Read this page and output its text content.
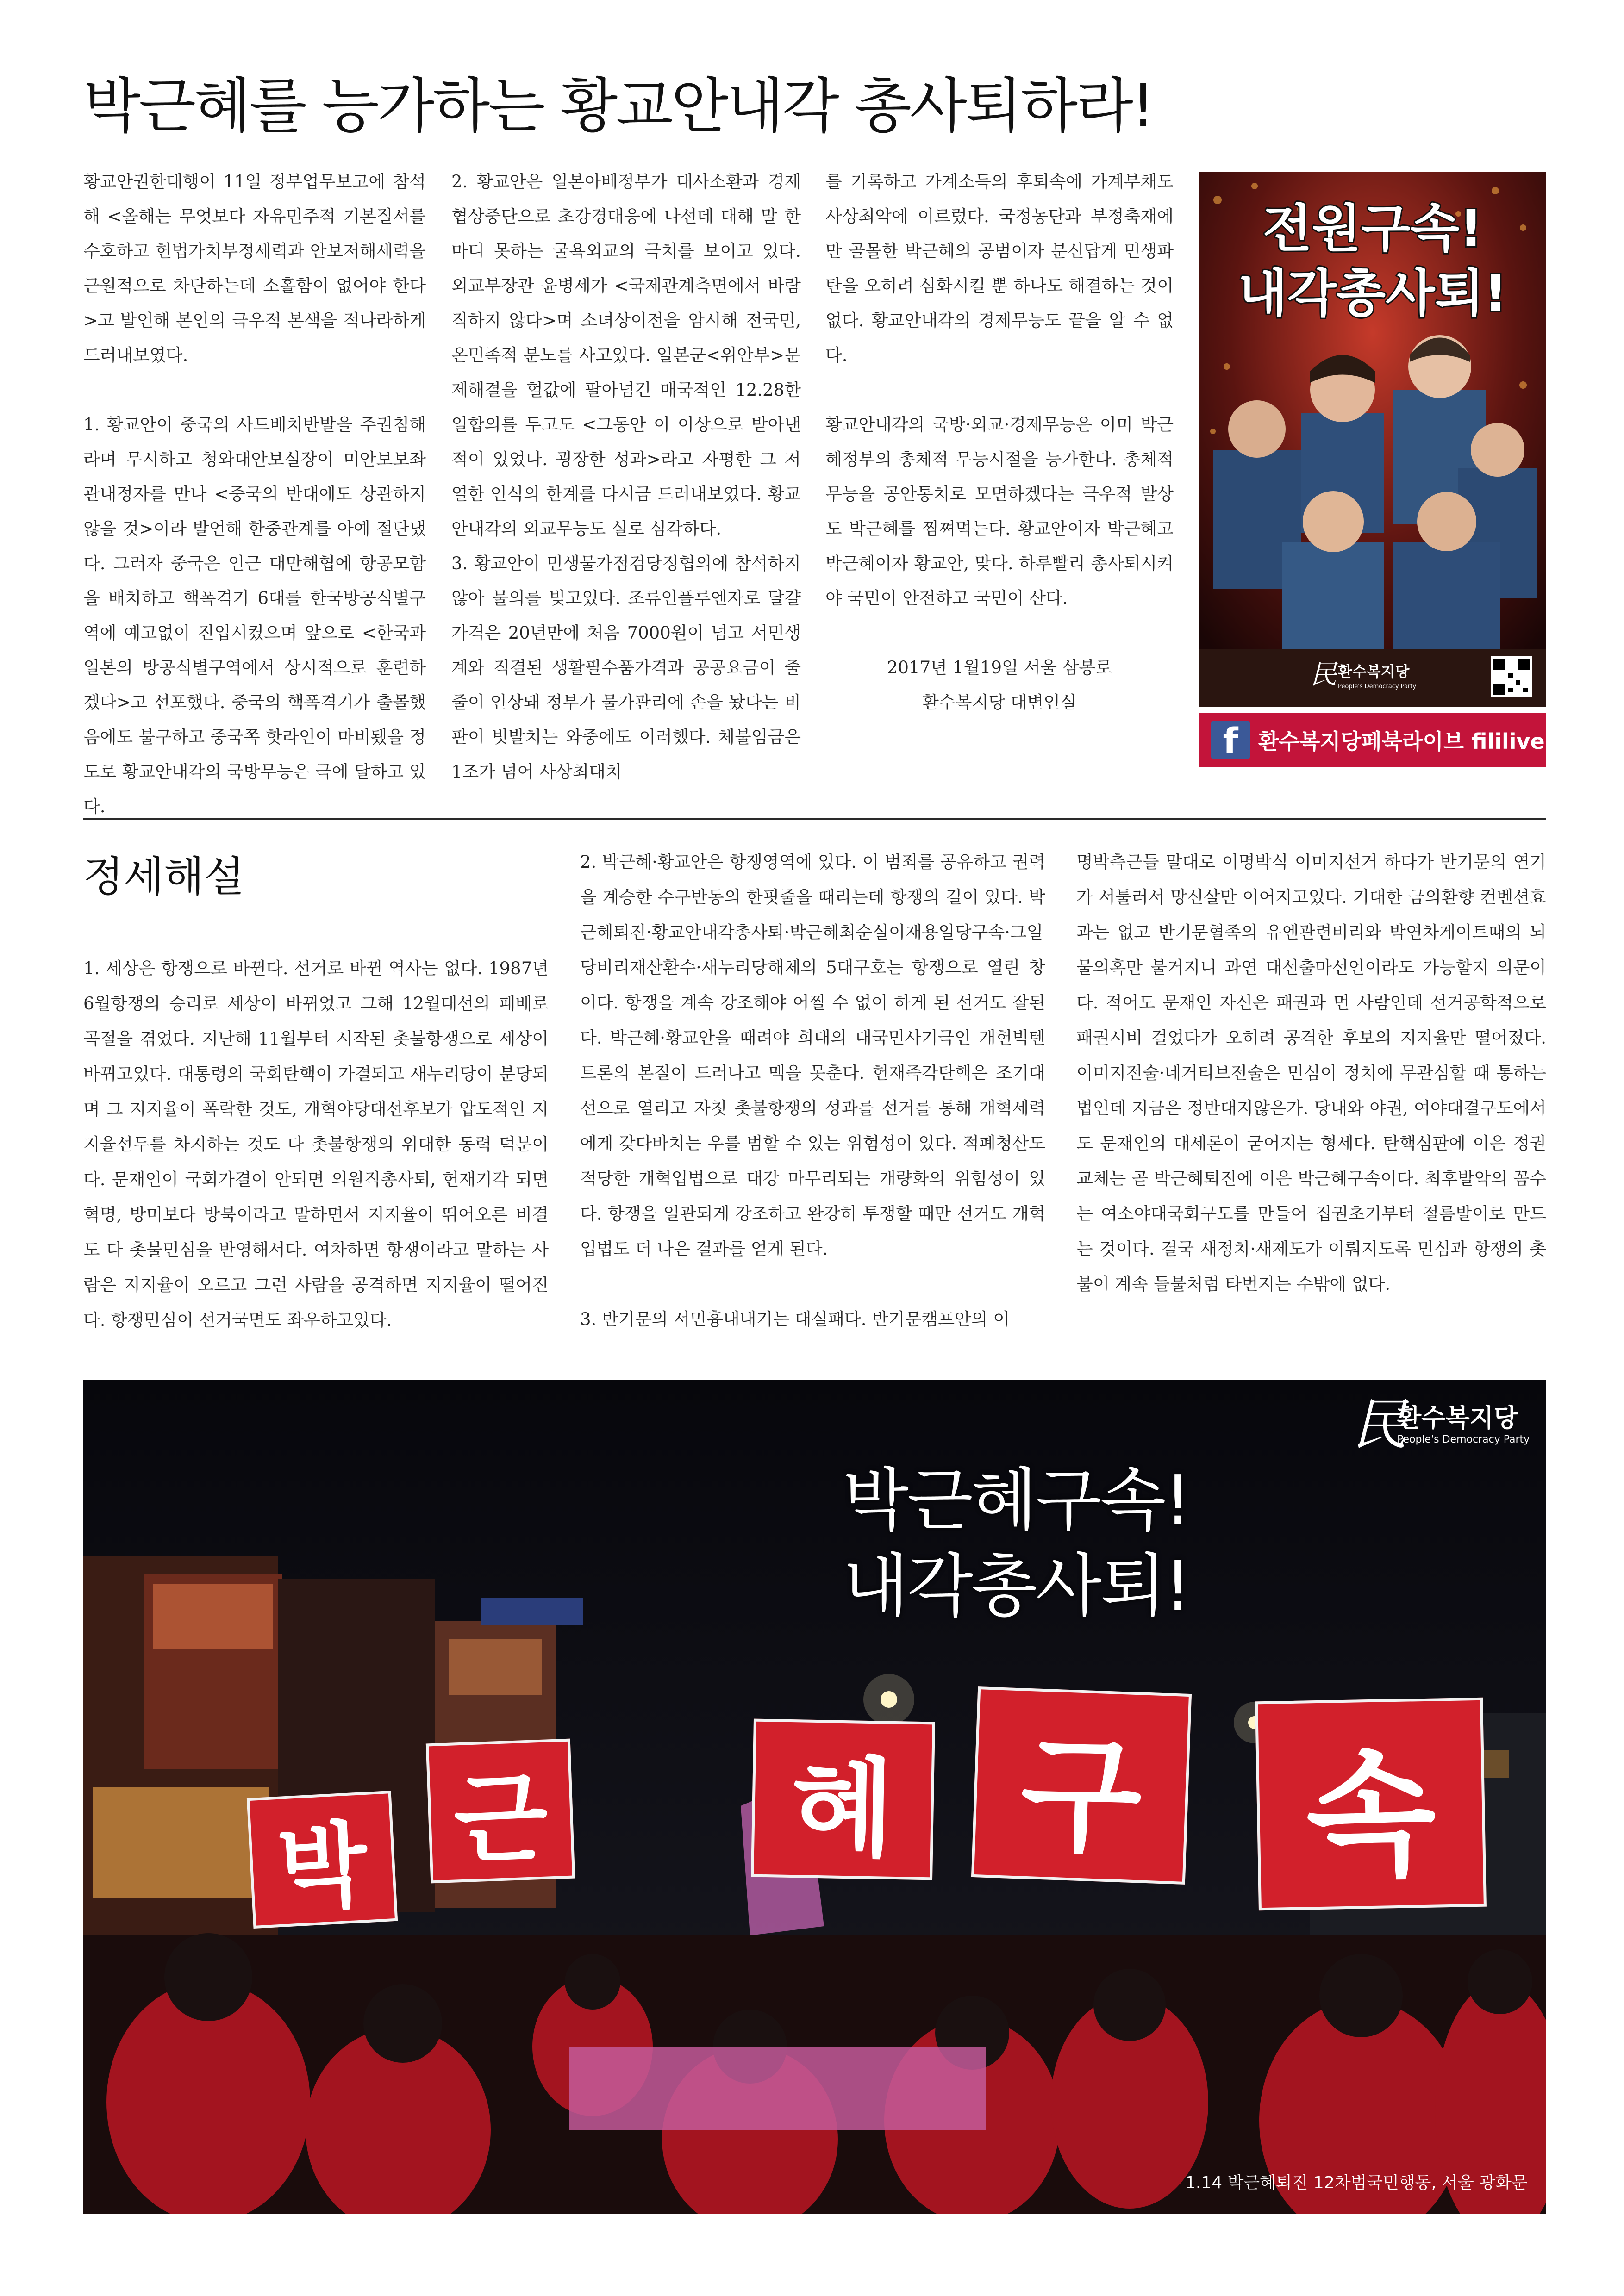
박근혜를 능가하는 황교안내각 총사퇴하라!

황교안권한대행이 11일 정부업무보고에 참석해 <올해는 무엇보다 자유민주적 기본질서를 수호하고 헌법가치부정세력과 안보저해세력을 근원적으로 차단하는데 소홀함이 없어야 한다>고 발언해 본인의 극우적 본색을 적나라하게 드러내보였다.

1. 황교안이 중국의 사드배치반발을 주권침해라며 무시하고 청와대안보실장이 미안보보좌관내정자를 만나 <중국의 반대에도 상관하지 않을 것>이라 발언해 한중관계를 아예 절단냈다. 그러자 중국은 인근 대만해협에 항공모함을 배치하고 핵폭격기 6대를 한국방공식별구역에 예고없이 진입시켰으며 앞으로 <한국과 일본의 방공식별구역에서 상시적으로 훈련하겠다>고 선포했다. 중국의 핵폭격기가 출몰했음에도 불구하고 중국쪽 핫라인이 마비됐을 정도로 황교안내각의 국방무능은 극에 달하고 있다.

2. 황교안은 일본아베정부가 대사소환과 경제협상중단으로 초강경대응에 나선데 대해 말 한마디 못하는 굴욕외교의 극치를 보이고 있다. 외교부장관 윤병세가 <국제관계측면에서 바람직하지 않다>며 소녀상이전을 암시해 전국민, 온민족적 분노를 사고있다. 일본군<위안부>문제해결을 헐값에 팔아넘긴 매국적인 12.28한일합의를 두고도 <그동안 이 이상으로 받아낸 적이 있었나. 굉장한 성과>라고 자평한 그 저열한 인식의 한계를 다시금 드러내보였다. 황교안내각의 외교무능도 실로 심각하다.

3. 황교안이 민생물가점검당정협의에 참석하지않아 물의를 빚고있다. 조류인플루엔자로 달걀가격은 20년만에 처음 7000원이 넘고 서민생계와 직결된 생활필수품가격과 공공요금이 줄줄이 인상돼 정부가 물가관리에 손을 놨다는 비판이 빗발치는 와중에도 이러했다. 체불임금은 1조가 넘어 사상최대치

를 기록하고 가계소득의 후퇴속에 가계부채도 사상최악에 이르렀다. 국정농단과 부정축재에만 골몰한 박근혜의 공범이자 분신답게 민생파탄을 오히려 심화시킬 뿐 하나도 해결하는 것이 없다. 황교안내각의 경제무능도 끝을 알 수 없다.

황교안내각의 국방·외교·경제무능은 이미 박근혜정부의 총체적 무능시절을 능가한다. 총체적 무능을 공안통치로 모면하겠다는 극우적 발상도 박근혜를 찜쪄먹는다. 황교안이자 박근혜고 박근혜이자 황교안, 맞다. 하루빨리 총사퇴시켜야 국민이 안전하고 국민이 산다.

2017년 1월19일 서울 삼봉로

환수복지당 대변인실

전원구속!
내각총사퇴!
民 환수복지당
People's Democracy Party
f 환수복지당페북라이브 fililive
정세해설

1. 세상은 항쟁으로 바뀐다. 선거로 바뀐 역사는 없다. 1987년 6월항쟁의 승리로 세상이 바뀌었고 그해 12월대선의 패배로 곡절을 겪었다. 지난해 11월부터 시작된 촛불항쟁으로 세상이 바뀌고있다. 대통령의 국회탄핵이 가결되고 새누리당이 분당되며 그 지지율이 폭락한 것도, 개혁야당대선후보가 압도적인 지지율선두를 차지하는 것도 다 촛불항쟁의 위대한 동력 덕분이다. 문재인이 국회가결이 안되면 의원직총사퇴, 헌재기각 되면 혁명, 방미보다 방북이라고 말하면서 지지율이 뛰어오른 비결도 다 촛불민심을 반영해서다. 여차하면 항쟁이라고 말하는 사람은 지지율이 오르고 그런 사람을 공격하면 지지율이 떨어진다. 항쟁민심이 선거국면도 좌우하고있다.

2. 박근혜·황교안은 항쟁영역에 있다. 이 범죄를 공유하고 권력을 계승한 수구반동의 한핏줄을 때리는데 항쟁의 길이 있다. 박근혜퇴진·황교안내각총사퇴·박근혜최순실이재용일당구속·그일당비리재산환수·새누리당해체의 5대구호는 항쟁으로 열린 창이다. 항쟁을 계속 강조해야 어찔 수 없이 하게 된 선거도 잘된다. 박근혜·황교안을 때려야 희대의 대국민사기극인 개헌빅텐트론의 본질이 드러나고 맥을 못춘다. 헌재즉각탄핵은 조기대선으로 열리고 자칫 촛불항쟁의 성과를 선거를 통해 개혁세력에게 갖다바치는 우를 범할 수 있는 위험성이 있다. 적폐청산도 적당한 개혁입법으로 대강 마무리되는 개량화의 위험성이 있다. 항쟁을 일관되게 강조하고 완강히 투쟁할 때만 선거도 개혁입법도 더 나은 결과를 얻게 된다.

3. 반기문의 서민흉내내기는 대실패다. 반기문캠프안의 이

명박측근들 말대로 이명박식 이미지선거 하다가 반기문의 연기가 서툴러서 망신살만 이어지고있다. 기대한 금의환향 컨벤션효과는 없고 반기문혈족의 유엔관련비리와 박연차게이트때의 뇌물의혹만 불거지니 과연 대선출마선언이라도 가능할지 의문이다. 적어도 문재인 자신은 패권과 먼 사람인데 선거공학적으로 패권시비 걸었다가 오히려 공격한 후보의 지지율만 떨어졌다. 이미지전술·네거티브전술은 민심이 정치에 무관심할 때 통하는 법인데 지금은 정반대지않은가. 당내와 야권, 여야대결구도에서도 문재인의 대세론이 굳어지는 형세다. 탄핵심판에 이은 정권교체는 곧 박근혜퇴진에 이은 박근혜구속이다. 최후발악의 꼼수는 여소야대국회구도를 만들어 집권초기부터 절름발이로 만드는 것이다. 결국 새정치·새제도가 이뤄지도록 민심과 항쟁의 촛불이 계속 들불처럼 타번지는 수밖에 없다.

박 근	혜 구	속
박근혜구속!
내각총사퇴!
民
환수복지당
People's Democracy Party
1.14 박근혜퇴진 12차범국민행동, 서울 광화문
